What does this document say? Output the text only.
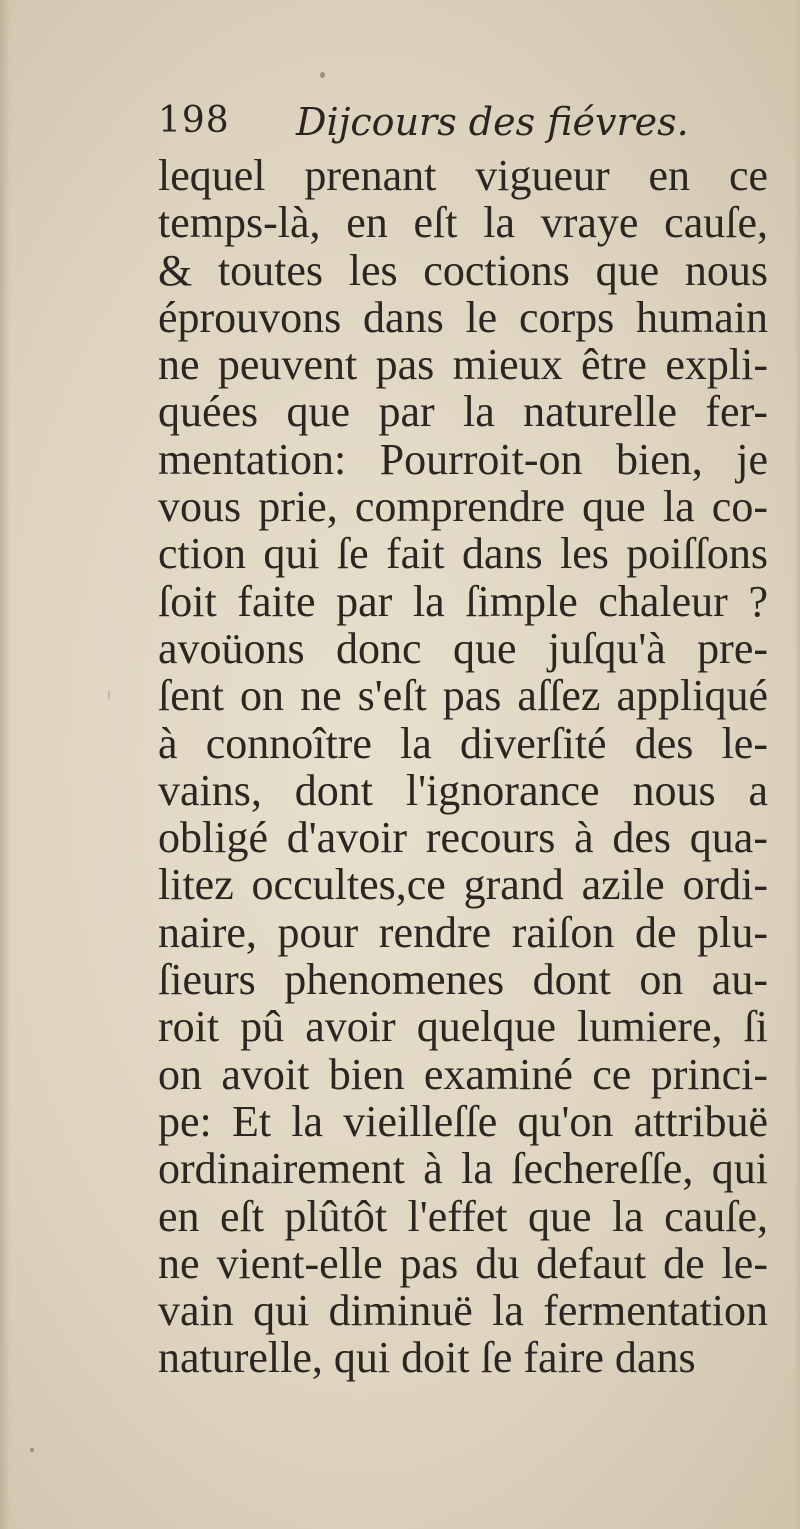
198 Dijcours des fiévres.
lequel prenant vigueur en ce
temps-là, en eſt la vraye cauſe,
& toutes les coctions que nous
éprouvons dans le corps humain
ne peuvent pas mieux être expli-
quées que par la naturelle fer-
mentation: Pourroit-on bien, je
vous prie, comprendre que la co-
ction qui ſe fait dans les poiſſons
ſoit faite par la ſimple chaleur ?
avoüons donc que juſqu'à pre-
ſent on ne s'eſt pas aſſez appliqué
à connoître la diverſité des le-
vains, dont l'ignorance nous a
obligé d'avoir recours à des qua-
litez occultes,ce grand azile ordi-
naire, pour rendre raiſon de plu-
ſieurs phenomenes dont on au-
roit pû avoir quelque lumiere, ſi
on avoit bien examiné ce princi-
pe: Et la vieilleſſe qu'on attribuë
ordinairement à la ſechereſſe, qui
en eſt plûtôt l'effet que la cauſe,
ne vient-elle pas du defaut de le-
vain qui diminuë la fermentation
naturelle, qui doit ſe faire dans
